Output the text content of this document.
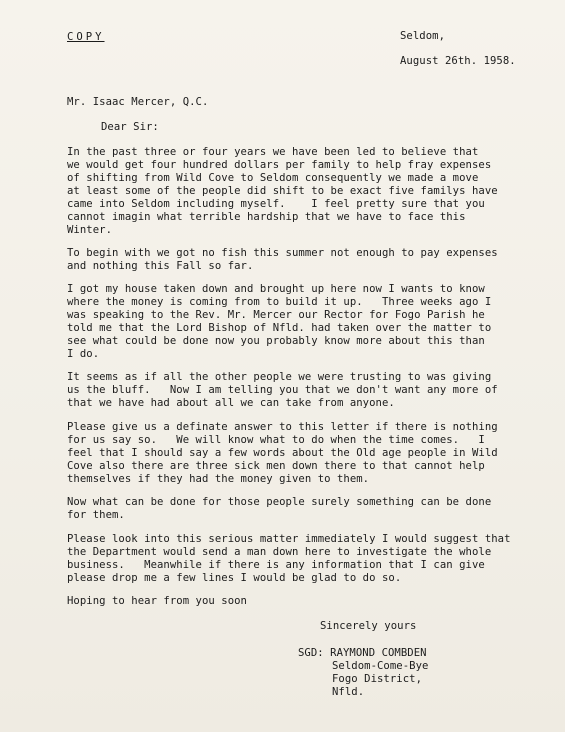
COPY	Seldom,
August 26th. 1958.
Mr. Isaac Mercer, Q.C.
Dear Sir:
In the past three or four years we have been led to believe that
we would get four hundred dollars per family to help fray expenses
of shifting from Wild Cove to Seldom consequently we made a move
at least some of the people did shift to be exact five familys have
came into Seldom including myself.    I feel pretty sure that you
cannot imagin what terrible hardship that we have to face this
Winter.
To begin with we got no fish this summer not enough to pay expenses
and nothing this Fall so far.
I got my house taken down and brought up here now I wants to know
where the money is coming from to build it up.   Three weeks ago I
was speaking to the Rev. Mr. Mercer our Rector for Fogo Parish he
told me that the Lord Bishop of Nfld. had taken over the matter to
see what could be done now you probably know more about this than
I do.
It seems as if all the other people we were trusting to was giving
us the bluff.   Now I am telling you that we don't want any more of
that we have had about all we can take from anyone.
Please give us a definate answer to this letter if there is nothing
for us say so.   We will know what to do when the time comes.   I
feel that I should say a few words about the Old age people in Wild
Cove also there are three sick men down there to that cannot help
themselves if they had the money given to them.
Now what can be done for those people surely something can be done
for them.
Please look into this serious matter immediately I would suggest that
the Department would send a man down here to investigate the whole
business.   Meanwhile if there is any information that I can give
please drop me a few lines I would be glad to do so.
Hoping to hear from you soon
Sincerely yours
SGD: RAYMOND COMBDEN
Seldom-Come-Bye
Fogo District,
Nfld.
